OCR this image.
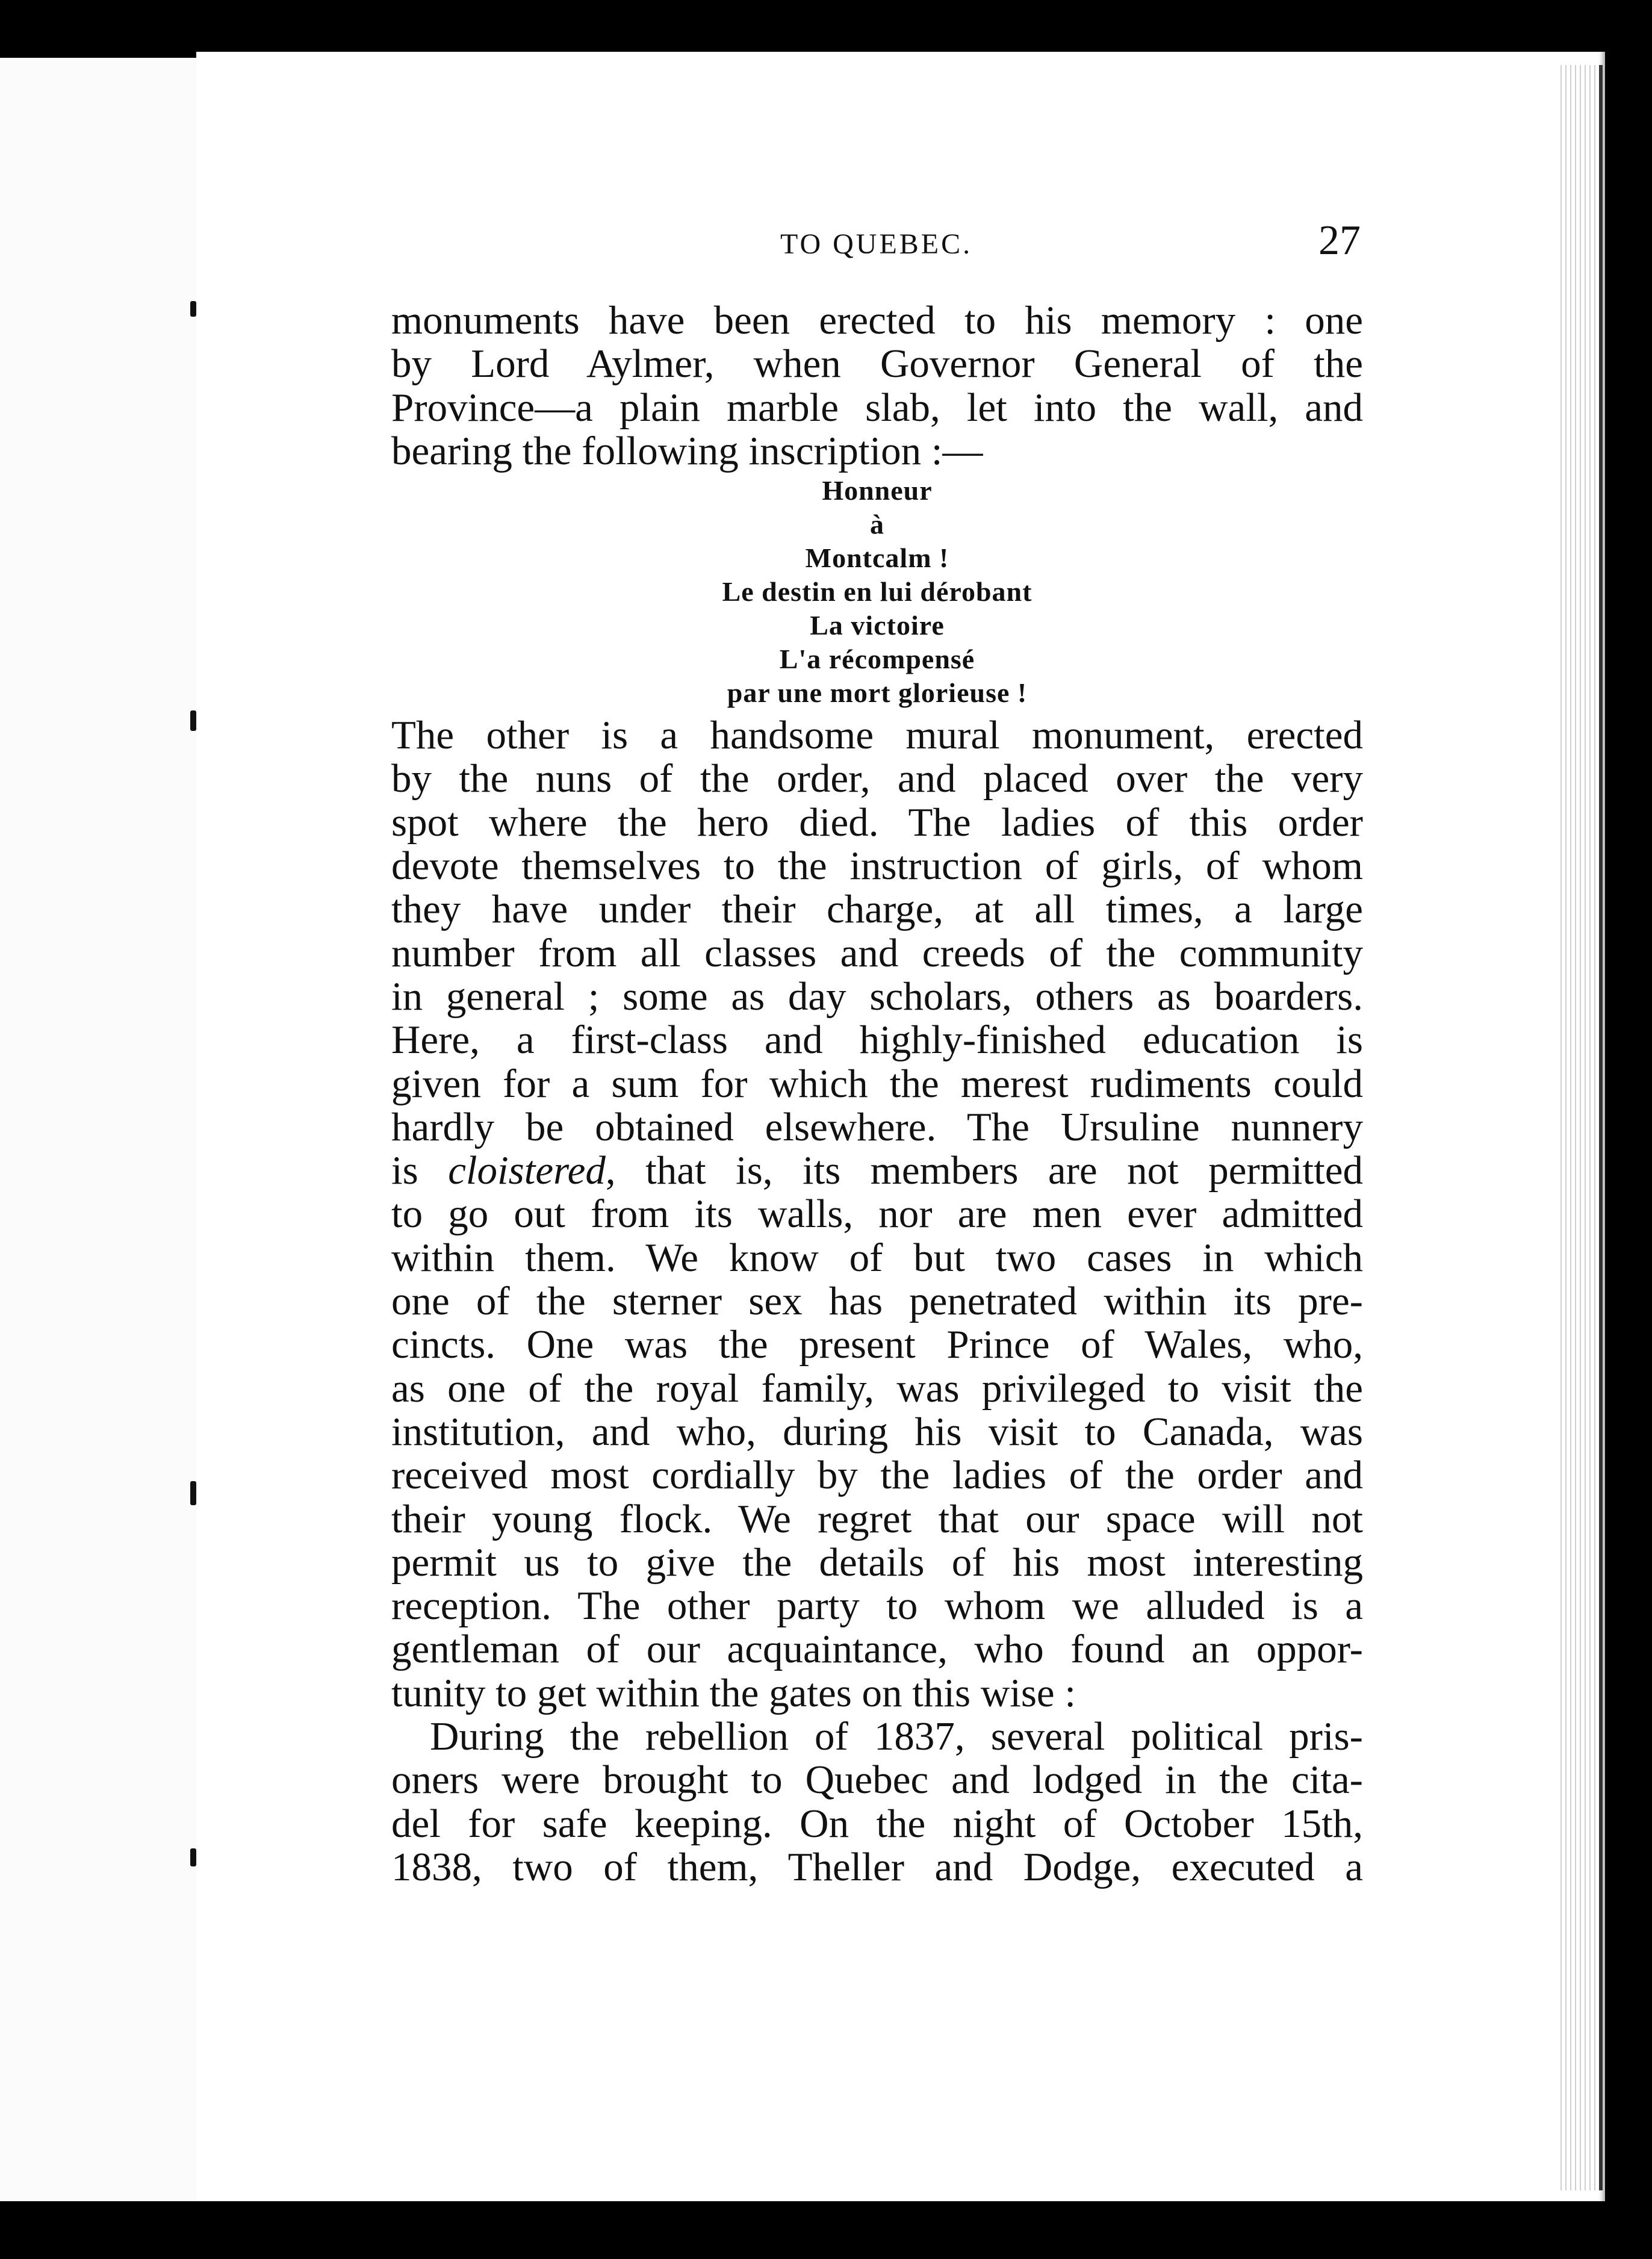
TO QUEBEC.	27
monuments have been erected to his memory : one
by Lord Aylmer, when Governor General of the
Province—a plain marble slab, let into the wall, and
bearing the following inscription :—
Honneur
à
Montcalm !
Le destin en lui dérobant
La victoire
L'a récompensé
par une mort glorieuse !
The other is a handsome mural monument, erected
by the nuns of the order, and placed over the very
spot where the hero died. The ladies of this order
devote themselves to the instruction of girls, of whom
they have under their charge, at all times, a large
number from all classes and creeds of the community
in general ; some as day scholars, others as boarders.
Here, a first-class and highly-finished education is
given for a sum for which the merest rudiments could
hardly be obtained elsewhere. The Ursuline nunnery
is cloistered, that is, its members are not permitted
to go out from its walls, nor are men ever admitted
within them. We know of but two cases in which
one of the sterner sex has penetrated within its pre-
cincts. One was the present Prince of Wales, who,
as one of the royal family, was privileged to visit the
institution, and who, during his visit to Canada, was
received most cordially by the ladies of the order and
their young flock. We regret that our space will not
permit us to give the details of his most interesting
reception. The other party to whom we alluded is a
gentleman of our acquaintance, who found an oppor-
tunity to get within the gates on this wise :
During the rebellion of 1837, several political pris-
oners were brought to Quebec and lodged in the cita-
del for safe keeping. On the night of October 15th,
1838, two of them, Theller and Dodge, executed a
